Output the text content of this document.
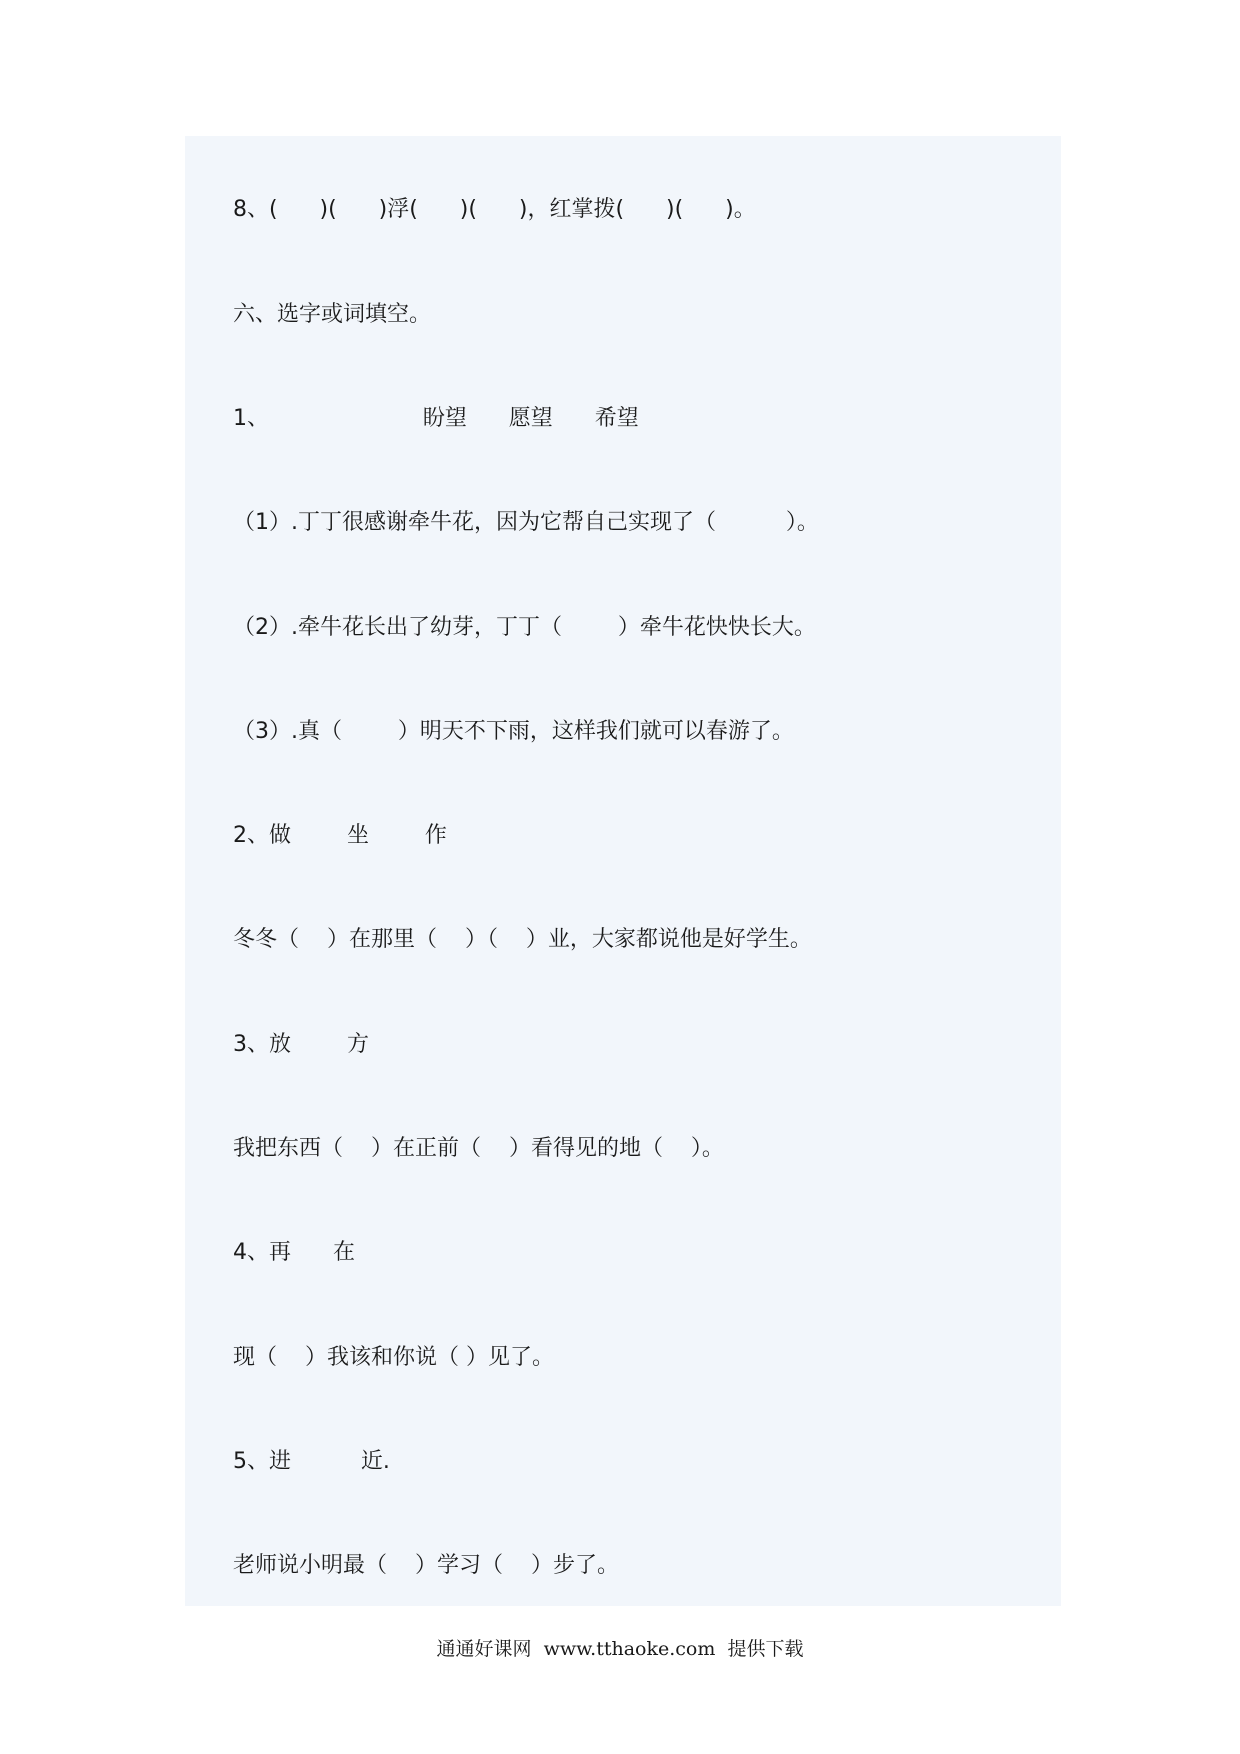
8、(      )(      )浮(      )(      )，红掌拨(      )(      )。

六、选字或词填空。

1、                      盼望      愿望      希望

（1）.丁丁很感谢牵牛花，因为它帮自己实现了（          ）。

（2）.牵牛花长出了幼芽，丁丁（        ）牵牛花快快长大。

（3）.真（        ）明天不下雨，这样我们就可以春游了。

2、做        坐        作

冬冬（    ）在那里（    ）（    ）业，大家都说他是好学生。

3、放        方

我把东西（    ）在正前（    ）看得见的地（    ）。

4、再      在

现（    ）我该和你说（ ）见了。

5、进          近.

老师说小明最（    ）学习（    ）步了。

通通好课网  www.tthaoke.com  提供下载
